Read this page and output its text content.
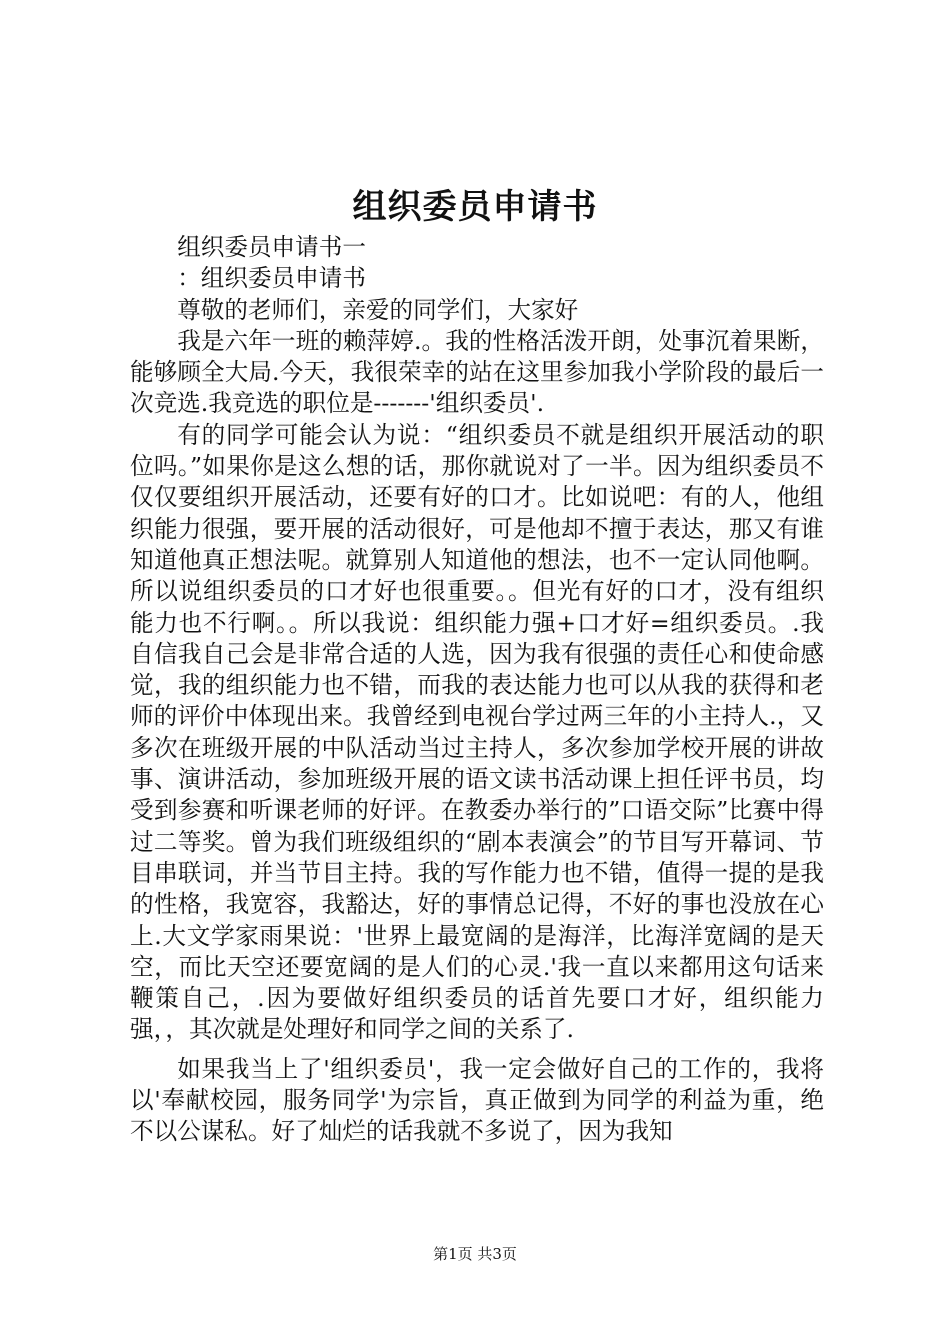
组织委员申请书

组织委员申请书一

：组织委员申请书

尊敬的老师们，亲爱的同学们，大家好

我是六年一班的赖萍婷.。我的性格活泼开朗，处事沉着果断，能够顾全大局.今天，我很荣幸的站在这里参加我小学阶段的最后一次竞选.我竞选的职位是-------'组织委员'.

有的同学可能会认为说：“组织委员不就是组织开展活动的职位吗。”如果你是这么想的话，那你就说对了一半。因为组织委员不仅仅要组织开展活动，还要有好的口才。比如说吧：有的人，他组织能力很强，要开展的活动很好，可是他却不擅于表达，那又有谁知道他真正想法呢。就算别人知道他的想法，也不一定认同他啊。所以说组织委员的口才好也很重要。。但光有好的口才，没有组织能力也不行啊。。所以我说：组织能力强+口才好=组织委员。.我自信我自己会是非常合适的人选，因为我有很强的责任心和使命感觉，我的组织能力也不错，而我的表达能力也可以从我的获得和老师的评价中体现出来。我曾经到电视台学过两三年的小主持人.，又多次在班级开展的中队活动当过主持人，多次参加学校开展的讲故事、演讲活动，参加班级开展的语文读书活动课上担任评书员，均受到参赛和听课老师的好评。在教委办举行的”口语交际”比赛中得过二等奖。曾为我们班级组织的“剧本表演会”的节目写开幕词、节目串联词，并当节目主持。我的写作能力也不错，值得一提的是我的性格，我宽容，我豁达，好的事情总记得，不好的事也没放在心上.大文学家雨果说：'世界上最宽阔的是海洋，比海洋宽阔的是天空，而比天空还要宽阔的是人们的心灵.'我一直以来都用这句话来鞭策自己，.因为要做好组织委员的话首先要口才好，组织能力强，，其次就是处理好和同学之间的关系了.

如果我当上了'组织委员'，我一定会做好自己的工作的，我将以'奉献校园，服务同学'为宗旨，真正做到为同学的利益为重，绝不以公谋私。好了灿烂的话我就不多说了，因为我知

第1页 共3页
